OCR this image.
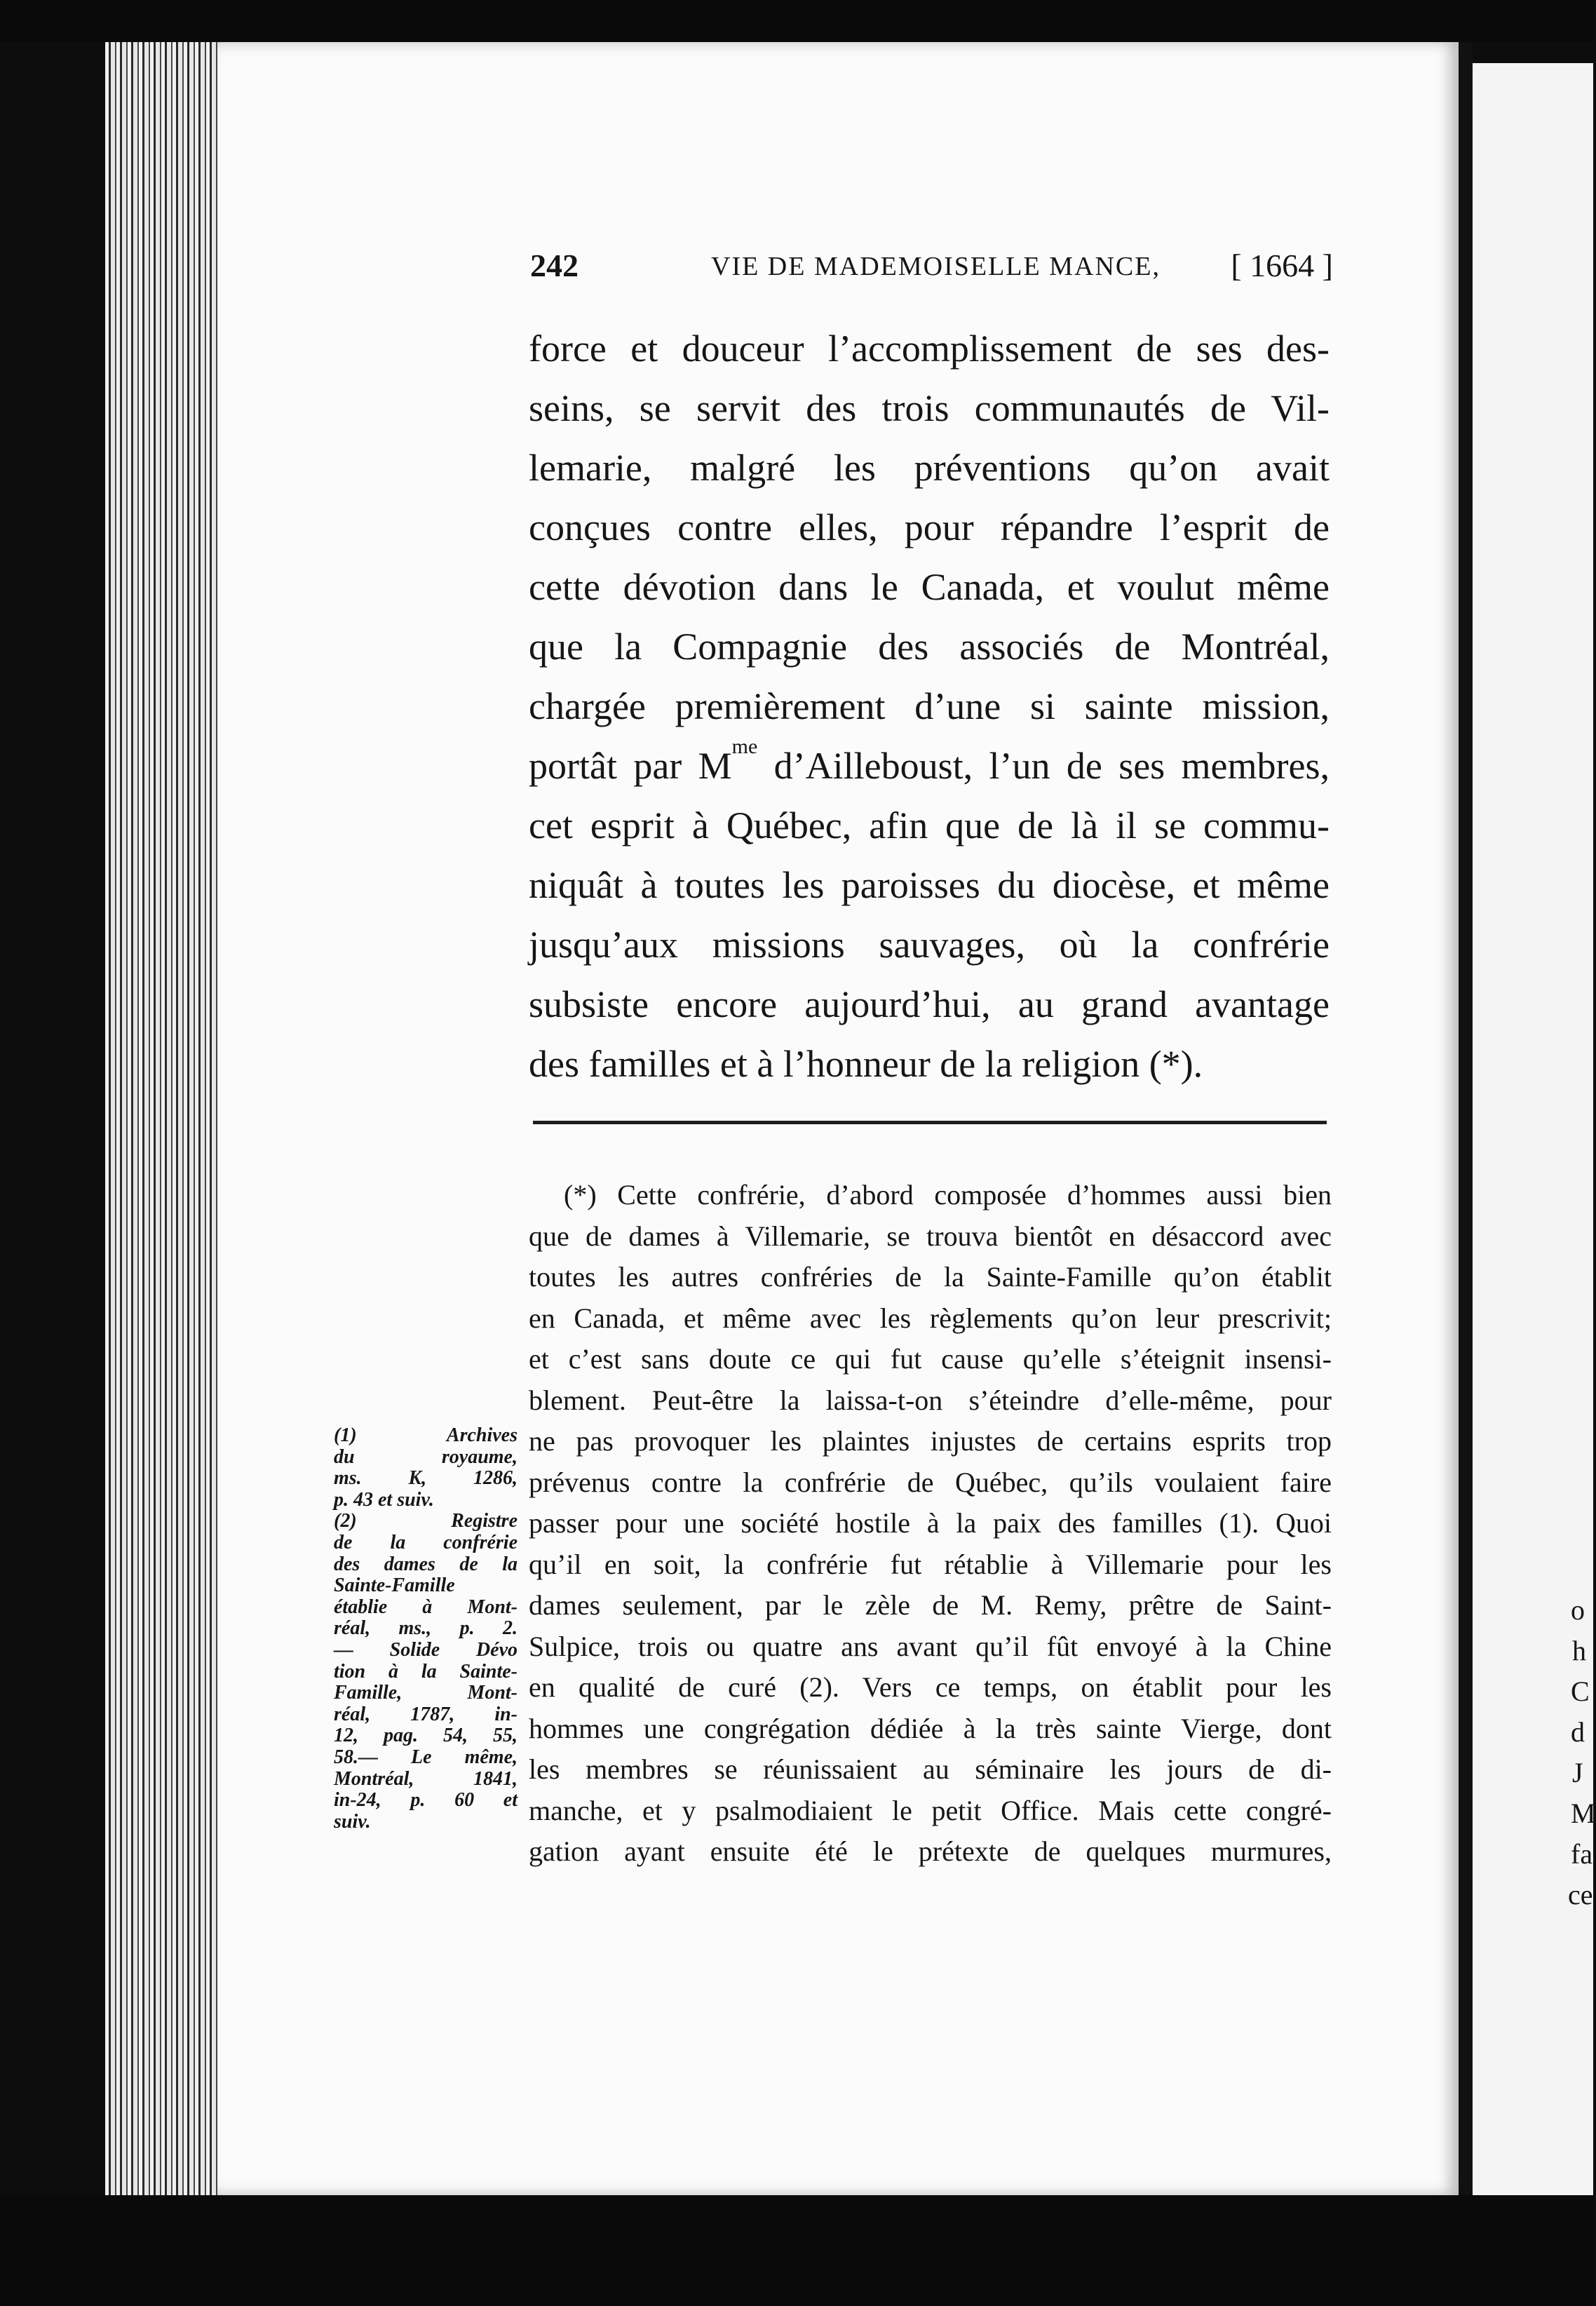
o
h
C
d
J
M
fa
ce
242	VIE DE MADEMOISELLE MANCE, [ 1664 ]
force et douceur l’accomplissement de ses des-
seins, se servit des trois communautés de Vil-
lemarie, malgré les préventions qu’on avait
conçues contre elles, pour répandre l’esprit de
cette dévotion dans le Canada, et voulut même
que la Compagnie des associés de Montréal,
chargée premièrement d’une si sainte mission,
portât par $M^{me}$ d’Ailleboust, l’un de ses membres,
cet esprit à Québec, afin que de là il se commu-
niquât à toutes les paroisses du diocèse, et même
jusqu’aux missions sauvages, où la confrérie
subsiste encore aujourd’hui, au grand avantage
des familles et à l’honneur de la religion (*).
(*) Cette confrérie, d’abord composée d’hommes aussi bien
que de dames à Villemarie, se trouva bientôt en désaccord avec
toutes les autres confréries de la Sainte-Famille qu’on établit
en Canada, et même avec les règlements qu’on leur prescrivit;
et c’est sans doute ce qui fut cause qu’elle s’éteignit insensi-
blement. Peut-être la laissa-t-on s’éteindre d’elle-même, pour
ne pas provoquer les plaintes injustes de certains esprits trop
prévenus contre la confrérie de Québec, qu’ils voulaient faire
passer pour une société hostile à la paix des familles (1). Quoi
qu’il en soit, la confrérie fut rétablie à Villemarie pour les
dames seulement, par le zèle de M. Remy, prêtre de Saint-
Sulpice, trois ou quatre ans avant qu’il fût envoyé à la Chine
en qualité de curé (2). Vers ce temps, on établit pour les
hommes une congrégation dédiée à la très sainte Vierge, dont
les membres se réunissaient au séminaire les jours de di-
manche, et y psalmodiaient le petit Office. Mais cette congré-
gation ayant ensuite été le prétexte de quelques murmures,
(1) Archives
du royaume,
ms. K, 1286,
p. 43 et suiv.
(2) Registre
de la confrérie
des dames de la
Sainte-Famille
établie à Mont-
réal, ms., p. 2.
— Solide Dévo
tion à la Sainte-
Famille, Mont-
réal, 1787, in-
12, pag. 54, 55,
58.— Le même,
Montréal, 1841,
in-24, p. 60 et
suiv.
